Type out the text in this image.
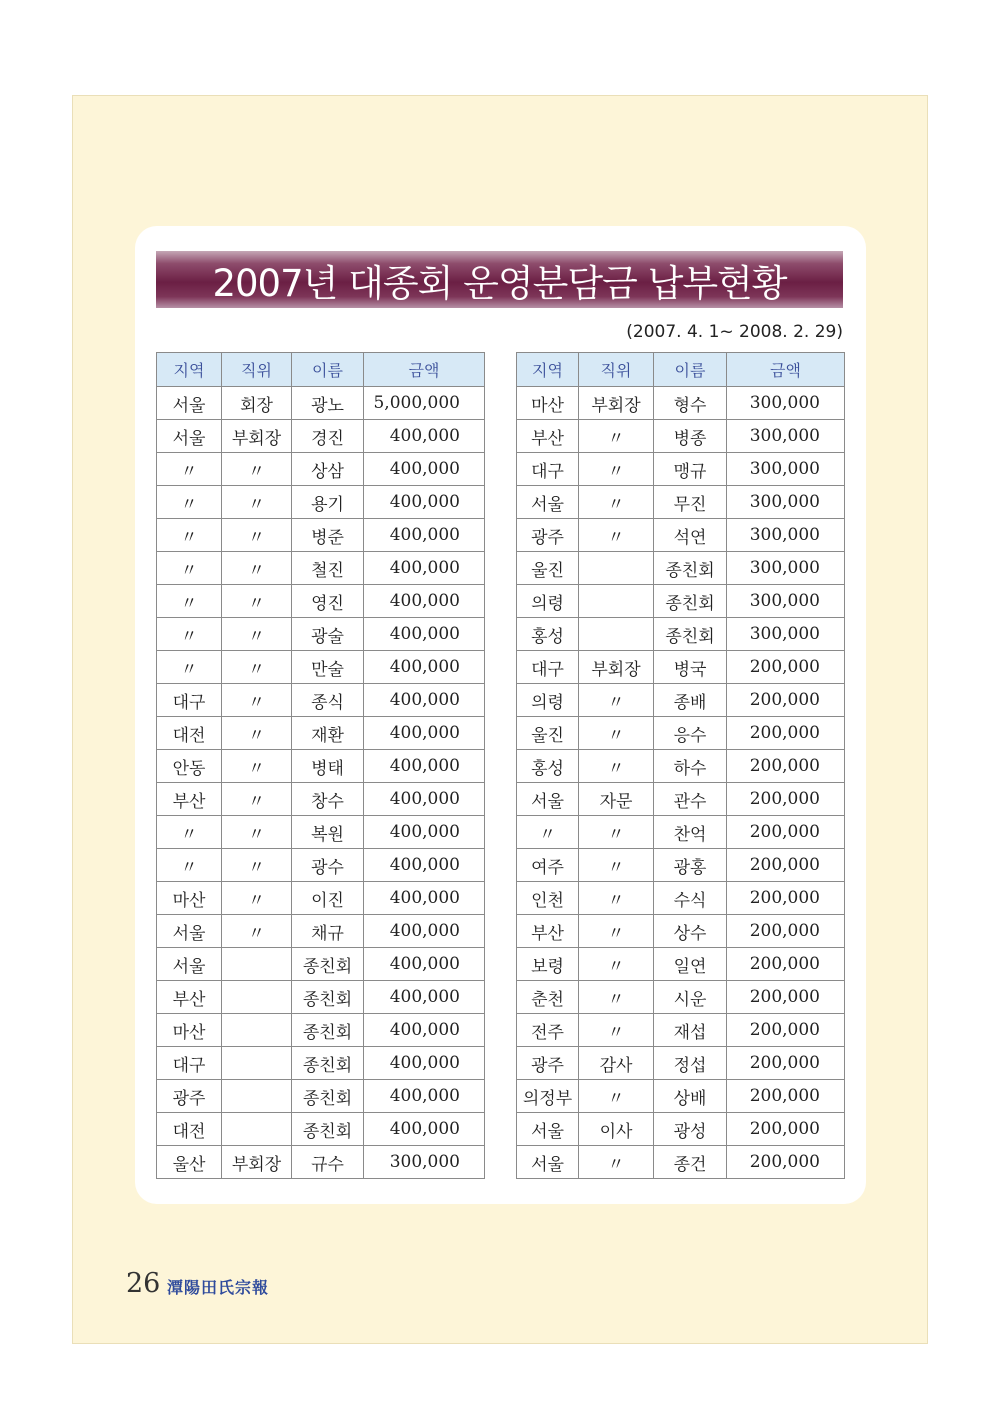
2007년 대종회 운영분담금 납부현황
(2007. 4. 1~ 2008. 2. 29)
지역	직위	이름	금액
서울	회장	광노	5,000,000
서울	부회장	경진	400,000
〃	〃	상삼	400,000
〃	〃	용기	400,000
〃	〃	병준	400,000
〃	〃	철진	400,000
〃	〃	영진	400,000
〃	〃	광술	400,000
〃	〃	만술	400,000
대구	〃	종식	400,000
대전	〃	재환	400,000
안동	〃	병태	400,000
부산	〃	창수	400,000
〃	〃	복원	400,000
〃	〃	광수	400,000
마산	〃	이진	400,000
서울	〃	채규	400,000
서울		종친회	400,000
부산		종친회	400,000
마산		종친회	400,000
대구		종친회	400,000
광주		종친회	400,000
대전		종친회	400,000
울산	부회장	규수	300,000
지역	직위	이름	금액
마산	부회장	형수	300,000
부산	〃	병종	300,000
대구	〃	맹규	300,000
서울	〃	무진	300,000
광주	〃	석연	300,000
울진		종친회	300,000
의령		종친회	300,000
홍성		종친회	300,000
대구	부회장	병국	200,000
의령	〃	종배	200,000
울진	〃	응수	200,000
홍성	〃	하수	200,000
서울	자문	관수	200,000
〃	〃	찬억	200,000
여주	〃	광홍	200,000
인천	〃	수식	200,000
부산	〃	상수	200,000
보령	〃	일연	200,000
춘천	〃	시운	200,000
전주	〃	재섭	200,000
광주	감사	정섭	200,000
의정부	〃	상배	200,000
서울	이사	광성	200,000
서울	〃	종건	200,000
26 潭陽田氏宗報
